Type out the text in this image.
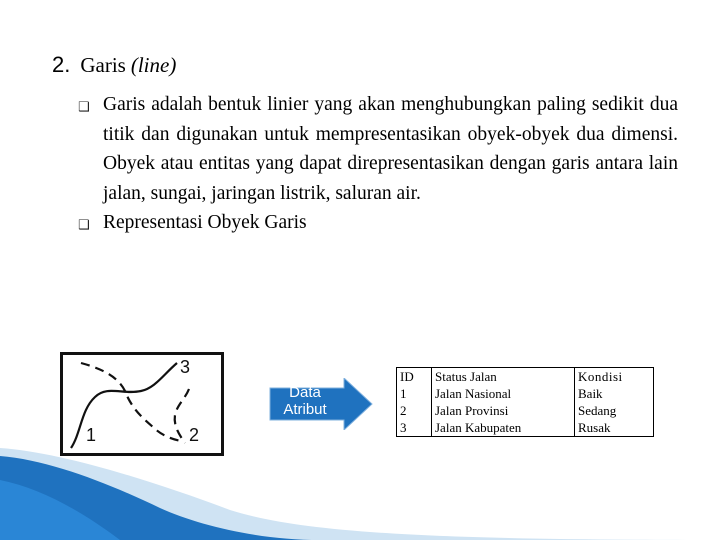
2. Garis (line)
❑ Garis adalah bentuk linier yang akan menghubungkan paling sedikit dua titik dan digunakan untuk mempresentasikan obyek-obyek dua dimensi. Obyek atau entitas yang dapat direpresentasikan dengan garis antara lain jalan, sungai, jaringan listrik, saluran air.
❑ Representasi Obyek Garis
1	2
3
Data
Atribut
ID	Status Jalan	Kondisi
1	Jalan Nasional	Baik
2	Jalan Provinsi	Sedang
3	Jalan Kabupaten	Rusak
